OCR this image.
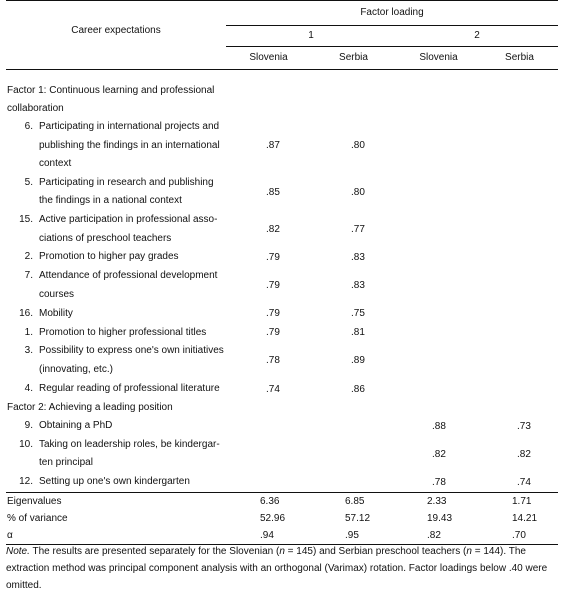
Career expectations	Factor loading			
	1		2	
	Slovenia	Serbia	Slovenia	Serbia

Factor 1: Continuous learning and professional collaboration				

6. Participating in international projects and publishing the findings in an international context	.87	.80		

5. Participating in research and publishing the findings in a national context	.85	.80		

15. Active participation in professional asso-ciations of preschool teachers	.82	.77		

2. Promotion to higher pay grades	.79	.83		

7. Attendance of professional development courses	.79	.83		

16. Mobility	.79	.75		

1. Promotion to higher professional titles	.79	.81		

3. Possibility to express one's own initiatives (innovating, etc.)	.78	.89		

4. Regular reading of professional literature	.74	.86		
Factor 2: Achieving a leading position				

9. Obtaining a PhD			.88	.73

10. Taking on leadership roles, be kindergar-ten principal			.82	.82

12. Setting up one's own kindergarten			.78	.74
Eigenvalues	6.36	6.85	2.33	1.71
% of variance	52.96	57.12	19.43	14.21
α	.94	.95	.82	.70
Note. The results are presented separately for the Slovenian (n = 145) and Serbian preschool teachers (n = 144). The extraction method was principal component analysis with an orthogonal (Varimax) rotation. Factor loadings below .40 were omitted.
